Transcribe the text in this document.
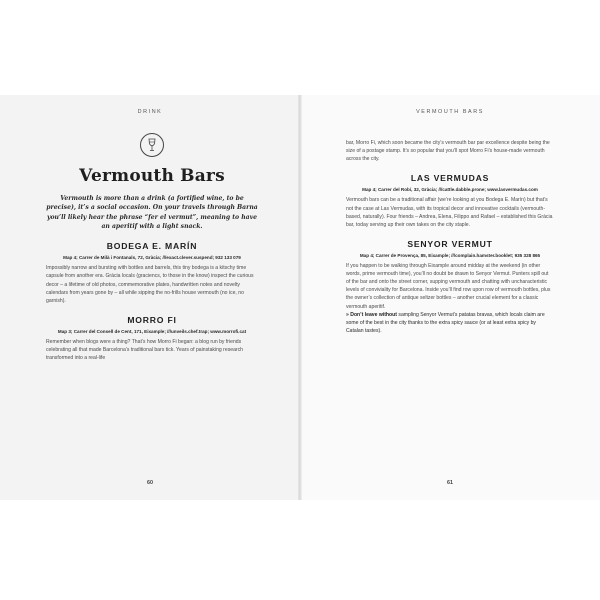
DRINK
Vermouth Bars

Vermouth is more than a drink (a fortified wine, to be precise), it’s a social occasion. On your travels through Barna you’ll likely hear the phrase “fer el vermut”, meaning to have an aperitif with a light snack.

BODEGA E. MARÍN

Map 4; Carrer de Milà i Fontanals, 72, Gràcia; ///exact.clever.suspend; 932 133 079

Impossibly narrow and bursting with bottles and barrels, this tiny bodega is a kitschy time capsule from another era. Gràcia locals (graciencs, to those in the know) inspect the curious decor – a lifetime of old photos, commemorative plates, handwritten notes and novelty calendars from years gone by – all while sipping the no-frills house vermouth (no ice, no garnish).

MORRO FI

Map 3; Carrer del Consell de Cent, 171, Eixample; ///unveils.chef.trap; www.morrofi.cat

Remember when blogs were a thing? That’s how Morro Fi began: a blog run by friends celebrating all that made Barcelona’s traditional bars tick. Years of painstaking research transformed into a real-life

60
VERMOUTH BARS

bar, Morro Fi, which soon became the city’s vermouth bar par excellence despite being the size of a postage stamp. It’s so popular that you’ll spot Morro Fi’s house-made vermouth across the city.

LAS VERMUDAS

Map 4; Carrer del Robí, 32, Gràcia; ///cattle.dabble.prone; www.lasvermudas.com

Vermouth bars can be a traditional affair (we’re looking at you Bodega E. Marín) but that’s not the case at Las Vermudas, with its tropical decor and innovative cocktails (vermouth-based, naturally). Four friends – Andrea, Elena, Filippo and Rafael – established this Gràcia bar, today serving up their own takes on the city staple.

SENYOR VERMUT

Map 4; Carrer de Provença, 85, Eixample; ///complain.hamster.booklet; 935 328 865

If you happen to be walking through Eixample around midday at the weekend (in other words, prime vermouth time), you’ll no doubt be drawn to Senyor Vermut. Punters spill out of the bar and onto the street corner, supping vermouth and chatting with uncharacteristic levels of conviviality for Barcelona. Inside you’ll find row upon row of vermouth bottles, plus the owner’s collection of antique seltzer bottles – another crucial element for a classic vermouth aperitif.

» Don’t leave without sampling Senyor Vermut’s patatas bravas, which locals claim are some of the best in the city thanks to the extra spicy sauce (or at least extra spicy by Catalan tastes).

61
